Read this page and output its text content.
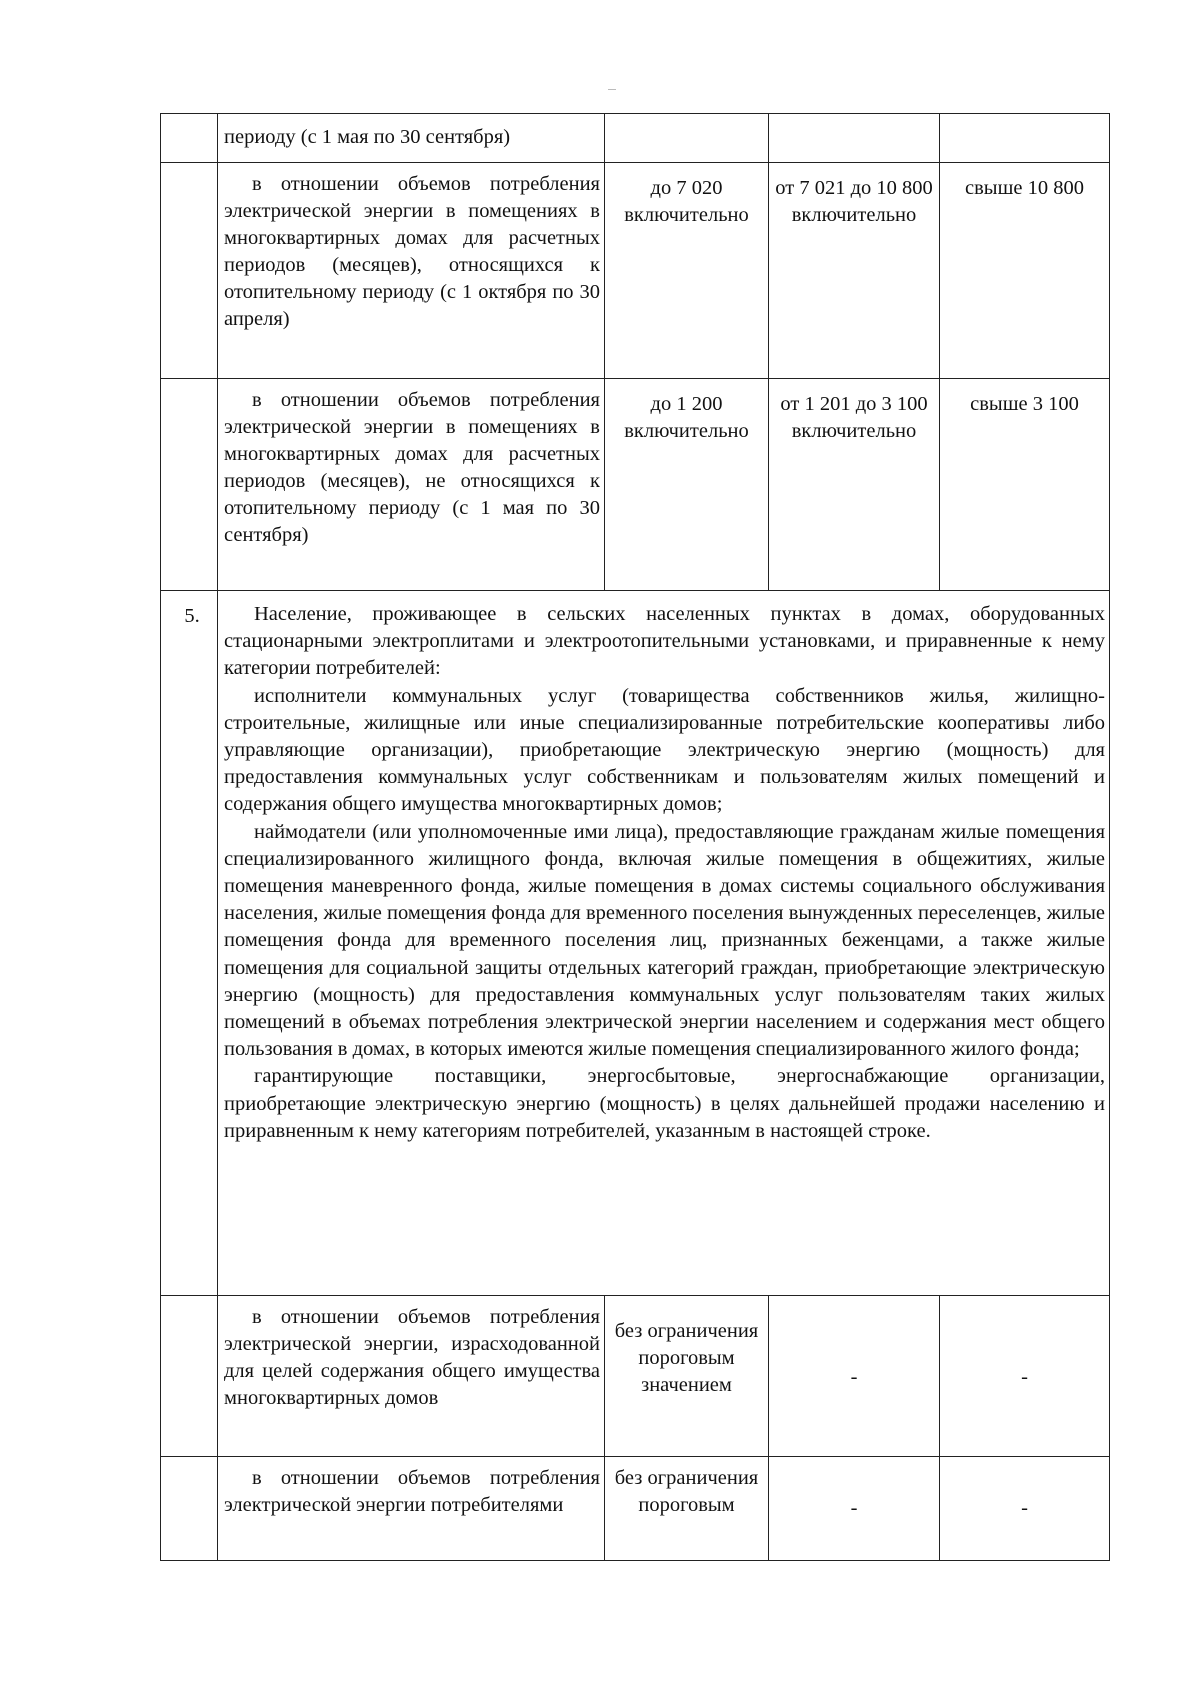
	периоду (с 1 мая по 30 сентября)			

	в отношении объемов потребления электрической энергии в помещениях в многоквартирных домах для расчетных периодов (месяцев), относящихся к отопительному периоду (с 1 октября по 30 апреля)	до 7 020 включительно	от 7 021 до 10 800 включительно	свыше 10 800

	в отношении объемов потребления электрической энергии в помещениях в многоквартирных домах для расчетных периодов (месяцев), не относящихся к отопительному периоду (с 1 мая по 30 сентября)	до 1 200 включительно	от 1 201 до 3 100 включительно	свыше 3 100

5.	Население, проживающее в сельских населенных пунктах в домах, оборудованных стационарными электроплитами и электроотопительными установками, и приравненные к нему категории потребителей:

исполнители коммунальных услуг (товарищества собственников жилья, жилищно-строительные, жилищные или иные специализированные потребительские кооперативы либо управляющие организации), приобретающие электрическую энергию (мощность) для предоставления коммунальных услуг собственникам и пользователям жилых помещений и содержания общего имущества многоквартирных домов;

наймодатели (или уполномоченные ими лица), предоставляющие гражданам жилые помещения специализированного жилищного фонда, включая жилые помещения в общежитиях, жилые помещения маневренного фонда, жилые помещения в домах системы социального обслуживания населения, жилые помещения фонда для временного поселения вынужденных переселенцев, жилые помещения фонда для временного поселения лиц, признанных беженцами, а также жилые помещения для социальной защиты отдельных категорий граждан, приобретающие электрическую энергию (мощность) для предоставления коммунальных услуг пользователям таких жилых помещений в объемах потребления электрической энергии населением и содержания мест общего пользования в домах, в которых имеются жилые помещения специализированного жилого фонда;

гарантирующие поставщики, энергосбытовые, энергоснабжающие организации, приобретающие электрическую энергию (мощность) в целях дальнейшей продажи населению и приравненным к нему категориям потребителей, указанным в настоящей строке.			

	в отношении объемов потребления электрической энергии, израсходованной для целей содержания общего имущества многоквартирных домов	без ограничения пороговым значением	-	-

	в отношении объемов потребления электрической энергии потребителями	без ограничения пороговым	-	-
